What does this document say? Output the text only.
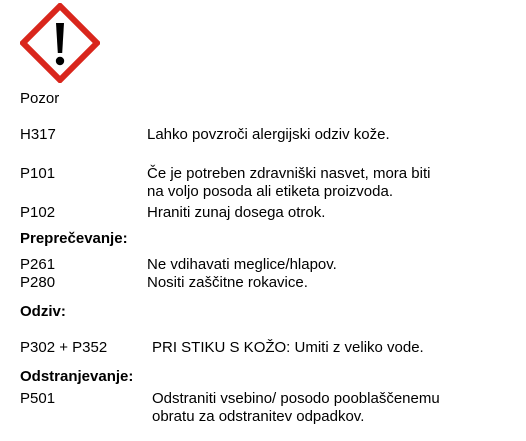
Pozor
H317	Lahko povzroči alergijski odziv kože.
P101	Če je potreben zdravniški nasvet, mora biti
na voljo posoda ali etiketa proizvoda.
P102	Hraniti zunaj dosega otrok.
Preprečevanje:
P261	Ne vdihavati meglice/hlapov.
P280	Nositi zaščitne rokavice.
Odziv:
P302 + P352	PRI STIKU S KOŽO: Umiti z veliko vode.
Odstranjevanje:
P501	Odstraniti vsebino/ posodo pooblaščenemu
obratu za odstranitev odpadkov.
